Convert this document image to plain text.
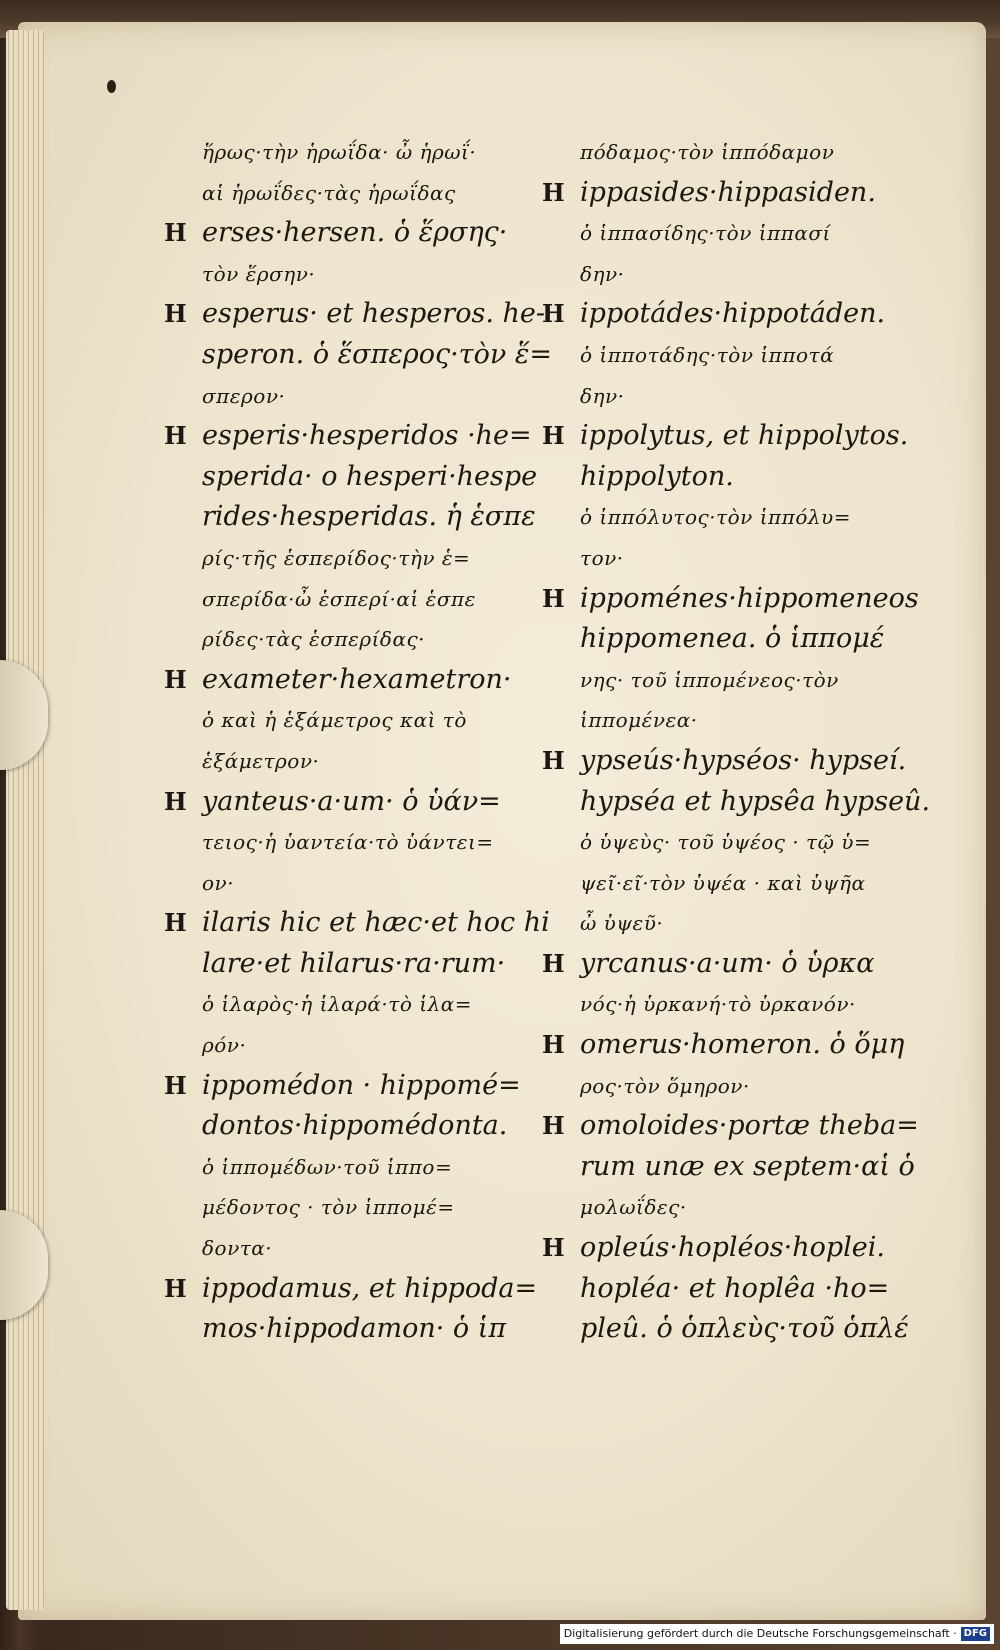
ἥρως·τὴν ἡρωΐδα· ὦ ἡρωΐ·
αἱ ἡρωΐδες·τὰς ἡρωΐδας
H erses·hersen. ὁ ἕρσης·
τὸν ἕρσην·
H esperus· et hesperos. he-
speron. ὁ ἕσπερος·τὸν ἕ=
σπερον·
H esperis·hesperidos ·he=
sperida· o hesperi·hespe
rides·hesperidas. ἡ ἑσπε
ρίς·τῆς ἑσπερίδος·τὴν ἑ=
σπερίδα·ὦ ἑσπερί·αἱ ἑσπε
ρίδες·τὰς ἑσπερίδας·
H exameter·hexametron·
ὁ καὶ ἡ ἑξάμετρος καὶ τὸ
ἑξάμετρον·
H yanteus·a·um· ὁ ὑάν=
τειος·ἡ ὑαντεία·τὸ ὑάντει=
ον·
H ilaris hic et hæc·et hoc hi
lare·et hilarus·ra·rum·
ὁ ἱλαρὸς·ἡ ἱλαρά·τὸ ἱλα=
ρόν·
H ippomédon · hippomé=
dontos·hippomédonta.
ὁ ἱππομέδων·τοῦ ἱππο=
μέδοντος · τὸν ἱππομέ=
δοντα·
H ippodamus, et hippoda=
mos·hippodamon· ὁ ἱπ
πόδαμος·τὸν ἱππόδαμον
H ippasides·hippasiden.
ὁ ἱππασίδης·τὸν ἱππασί
δην·
H ippotádes·hippotáden.
ὁ ἱπποτάδης·τὸν ἱπποτά
δην·
H ippolytus, et hippolytos.
hippolyton.
ὁ ἱππόλυτος·τὸν ἱππόλυ=
τον·
H ippoménes·hippomeneos
hippomenea. ὁ ἱππομέ
νης· τοῦ ἱππομένεος·τὸν
ἱππομένεα·
H ypseús·hypséos· hypseí.
hypséa et hypsêa hypseû.
ὁ ὑψεὺς· τοῦ ὑψέος · τῷ ὑ=
ψεῖ·εῖ·τὸν ὑψέα · καὶ ὑψῆα
ὦ ὑψεῦ·
H yrcanus·a·um· ὁ ὑρκα
νός·ἡ ὑρκανή·τὸ ὑρκανόν·
H omerus·homeron. ὁ ὅμη
ρος·τὸν ὅμηρον·
H omoloides·portæ theba=
rum unæ ex septem·αἱ ὁ
μολωΐδες·
H opleús·hopléos·hoplei.
hopléa· et hoplêa ·ho=
pleû. ὁ ὁπλεὺς·τοῦ ὁπλέ
Digitalisierung gefördert durch die Deutsche Forschungsgemeinschaft · DFG
